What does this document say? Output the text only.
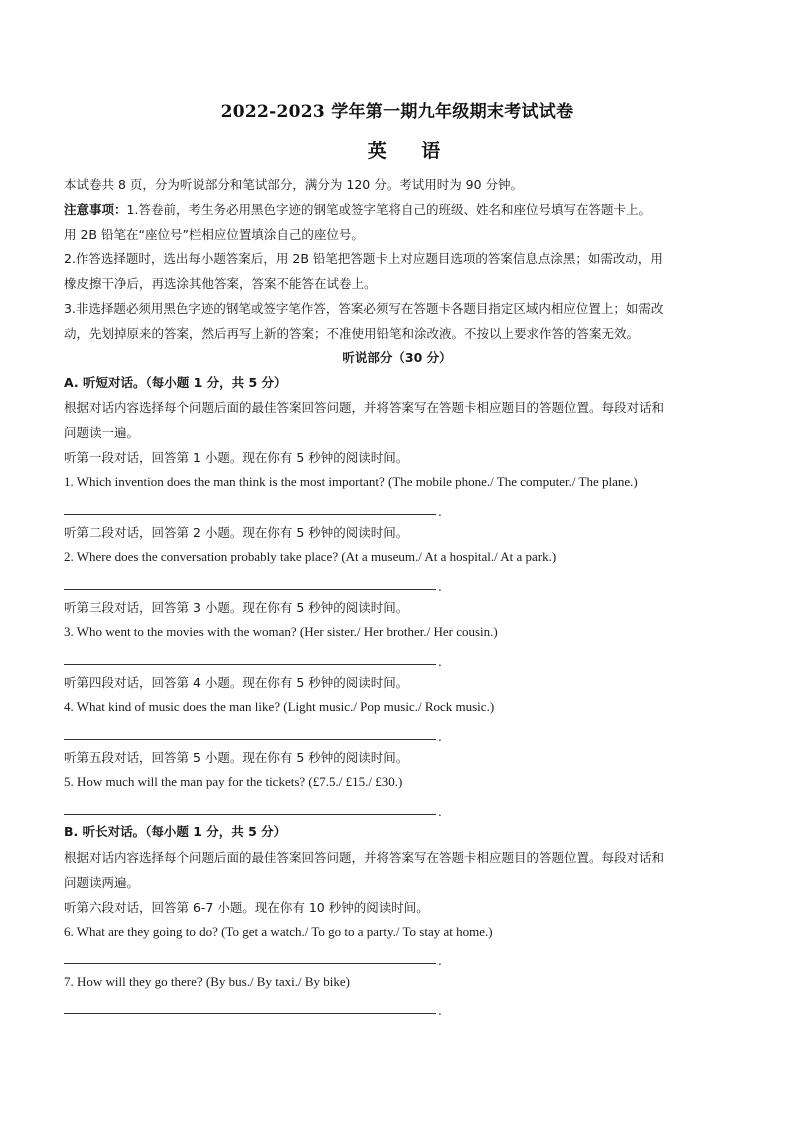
2022-2023 学年第一期九年级期末考试试卷
英 语
本试卷共 8 页，分为听说部分和笔试部分，满分为 120 分。考试用时为 90 分钟。
注意事项：1.答卷前，考生务必用黑色字迹的钢笔或签字笔将自己的班级、姓名和座位号填写在答题卡上。
用 2B 铅笔在“座位号”栏相应位置填涂自己的座位号。
2.作答选择题时，选出每小题答案后，用 2B 铅笔把答题卡上对应题目选项的答案信息点涂黑；如需改动，用
橡皮擦干净后，再选涂其他答案，答案不能答在试卷上。
3.非选择题必须用黑色字迹的钢笔或签字笔作答，答案必须写在答题卡各题目指定区域内相应位置上；如需改
动，先划掉原来的答案，然后再写上新的答案；不准使用铅笔和涂改液。不按以上要求作答的答案无效。
听说部分（30 分）
A. 听短对话。（每小题 1 分，共 5 分）
根据对话内容选择每个问题后面的最佳答案回答问题，并将答案写在答题卡相应题目的答题位置。每段对话和
问题读一遍。
听第一段对话，回答第 1 小题。现在你有 5 秒钟的阅读时间。
1. Which invention does the man think is the most important? (The mobile phone./ The computer./ The plane.)
.
听第二段对话，回答第 2 小题。现在你有 5 秒钟的阅读时间。
2. Where does the conversation probably take place? (At a museum./ At a hospital./ At a park.)
.
听第三段对话，回答第 3 小题。现在你有 5 秒钟的阅读时间。
3. Who went to the movies with the woman? (Her sister./ Her brother./ Her cousin.)
.
听第四段对话，回答第 4 小题。现在你有 5 秒钟的阅读时间。
4. What kind of music does the man like? (Light music./ Pop music./ Rock music.)
.
听第五段对话，回答第 5 小题。现在你有 5 秒钟的阅读时间。
5. How much will the man pay for the tickets? (£7.5./ £15./ £30.)
.
B. 听长对话。（每小题 1 分，共 5 分）
根据对话内容选择每个问题后面的最佳答案回答问题，并将答案写在答题卡相应题目的答题位置。每段对话和
问题读两遍。
听第六段对话，回答第 6-7 小题。现在你有 10 秒钟的阅读时间。
6. What are they going to do? (To get a watch./ To go to a party./ To stay at home.)
.
7. How will they go there? (By bus./ By taxi./ By bike)
.
